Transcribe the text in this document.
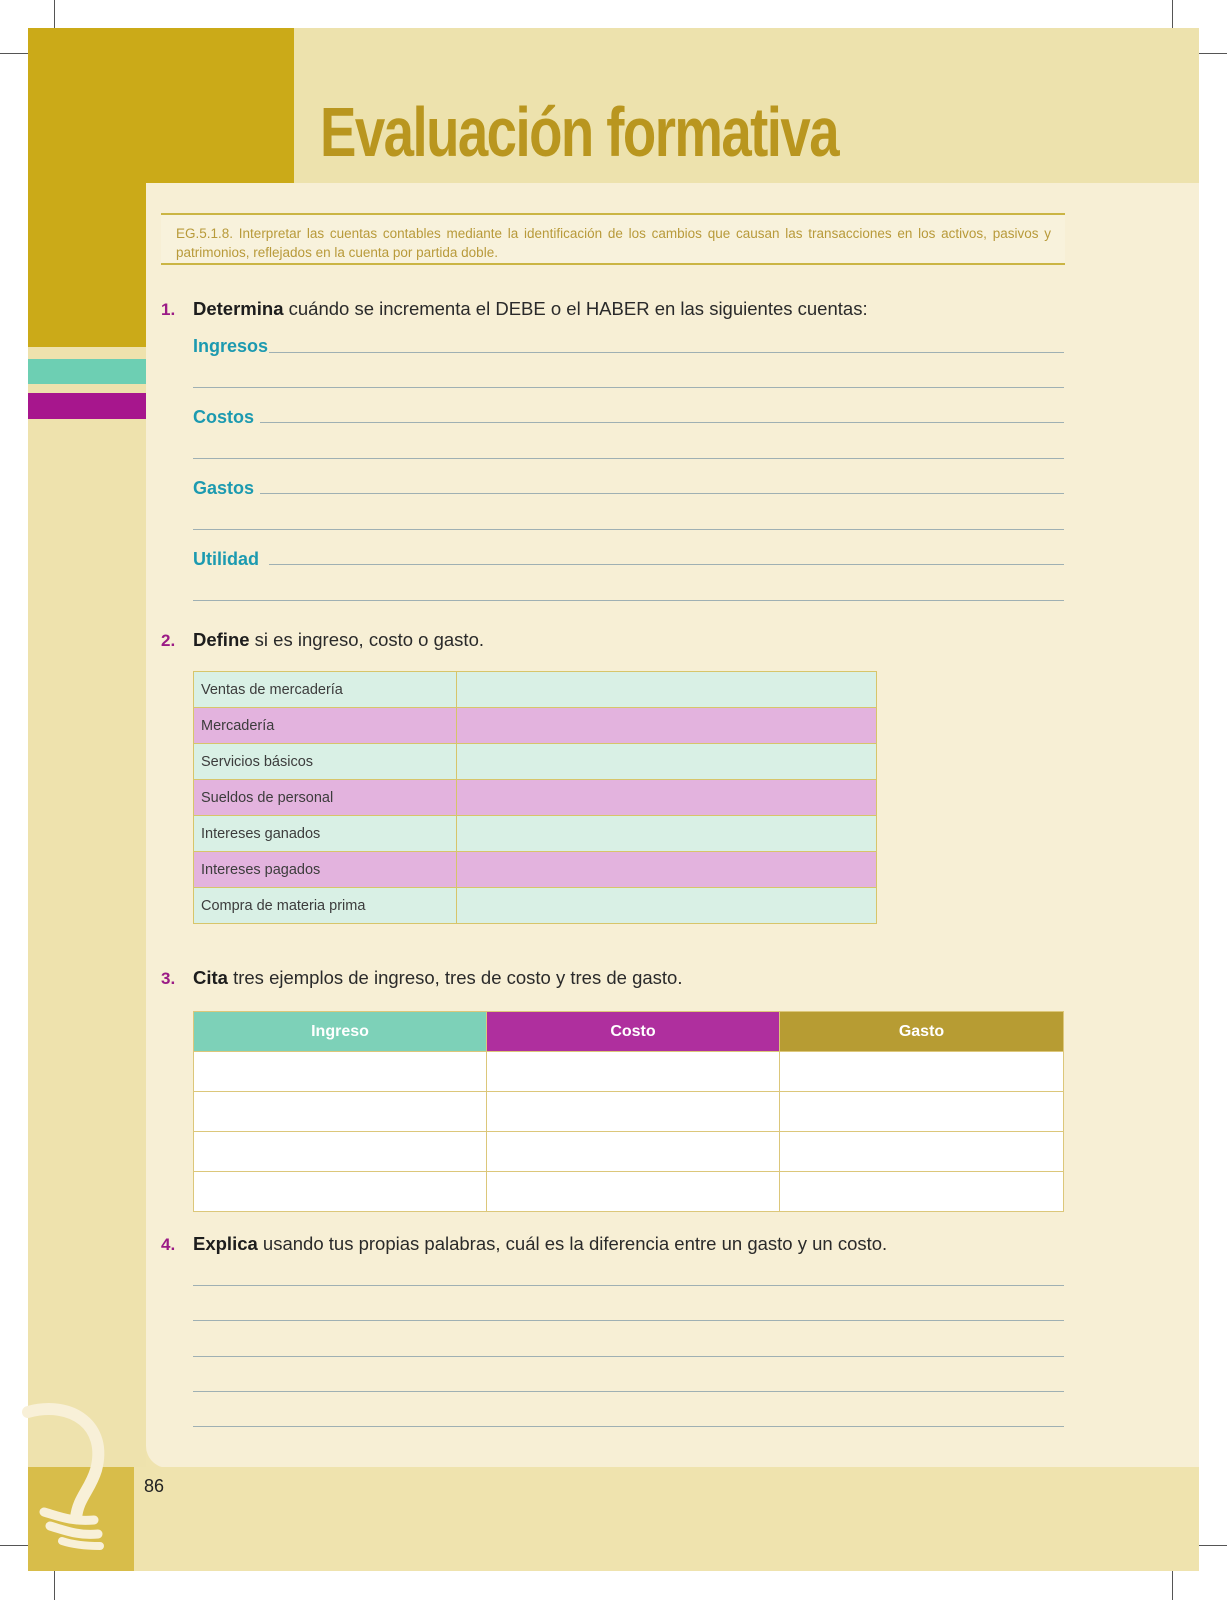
Evaluación formativa
86
EG.5.1.8. Interpretar las cuentas contables mediante la identificación de los cambios que causan las transacciones en los activos, pasivos y patrimonios, reflejados en la cuenta por partida doble.
1. Determina cuándo se incrementa el DEBE o el HABER en las siguientes cuentas:
Ingresos
Costos
Gastos
Utilidad
2. Define si es ingreso, costo o gasto.
Ventas de mercadería	
Mercadería	
Servicios básicos	
Sueldos de personal	
Intereses ganados	
Intereses pagados	
Compra de materia prima	
3. Cita tres ejemplos de ingreso, tres de costo y tres de gasto.
Ingreso	Costo	Gasto

4. Explica usando tus propias palabras, cuál es la diferencia entre un gasto y un costo.
